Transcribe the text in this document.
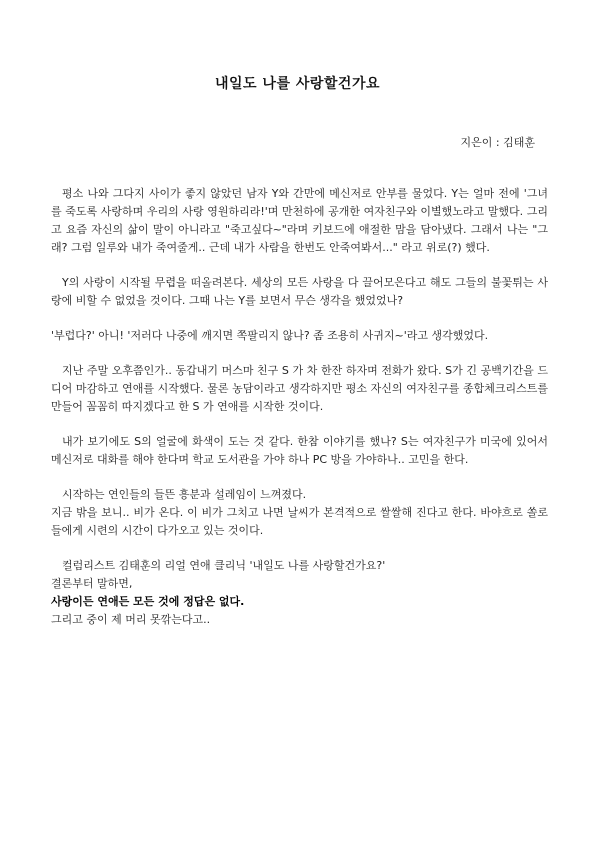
내일도 나를 사랑할건가요
지은이 : 김태훈

평소 나와 그다지 사이가 좋지 않았던 남자 Y와 간만에 메신저로 안부를 물었다. Y는 얼마 전에 '그녀를 죽도록 사랑하며 우리의 사랑 영원하리라!'며 만천하에 공개한 여자친구와 이별했노라고 말했다. 그리고 요즘 자신의 삶이 말이 아니라고 "죽고싶다~"라며 키보드에 애절한 맘을 담아냈다. 그래서 나는 "그래? 그럼 일루와 내가 죽여줄게.. 근데 내가 사람을 한번도 안죽여봐서..." 라고 위로(?) 했다.

Y의 사랑이 시작될 무렵을 떠올려본다. 세상의 모든 사랑을 다 끌어모은다고 해도 그들의 불꽃튀는 사랑에 비할 수 없었을 것이다. 그때 나는 Y를 보면서 무슨 생각을 했었었나?

'부럽다?' 아니! '저러다 나중에 깨지면 쪽팔리지 않나? 좀 조용히 사귀지~'라고 생각했었다.

지난 주말 오후쯤인가.. 동갑내기 머스마 친구 S 가 차 한잔 하자며 전화가 왔다. S가 긴 공백기간을 드디어 마감하고 연애를 시작했다. 물론 농담이라고 생각하지만 평소 자신의 여자친구를 종합체크리스트를 만들어 꼼꼼히 따지겠다고 한 S 가 연애를 시작한 것이다.

내가 보기에도 S의 얼굴에 화색이 도는 것 같다. 한참 이야기를 했나? S는 여자친구가 미국에 있어서 메신저로 대화를 해야 한다며 학교 도서관을 가야 하나 PC 방을 가야하나.. 고민을 한다.

시작하는 연인들의 들뜬 흥분과 설레임이 느껴졌다.

지금 밖을 보니.. 비가 온다. 이 비가 그치고 나면 날씨가 본격적으로 쌀쌀해 진다고 한다. 바야흐로 쏠로들에게 시련의 시간이 다가오고 있는 것이다.

컬럼리스트 김태훈의 리얼 연애 클리닉 '내일도 나를 사랑할건가요?'

결론부터 말하면,

사랑이든 연애든 모든 것에 정답은 없다.

그리고 중이 제 머리 못깎는다고..
